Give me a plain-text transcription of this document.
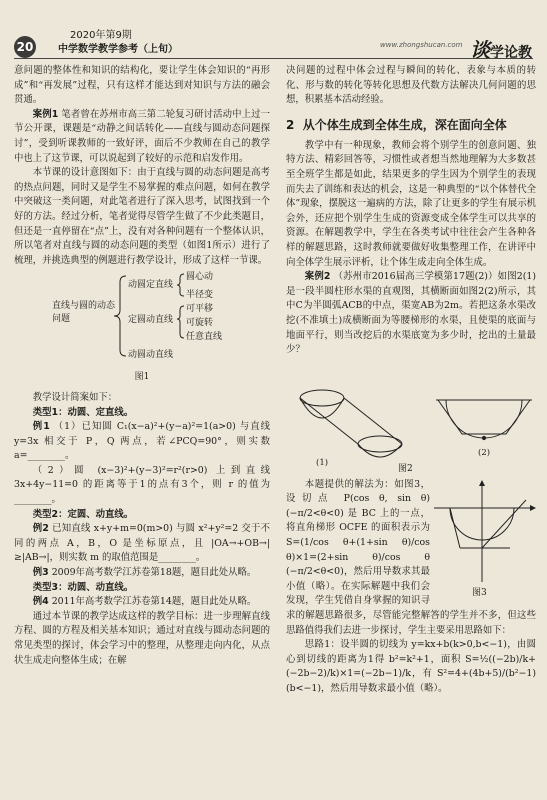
20
2020年第9期
中学数学教学参考（上旬）	www.zhongshucan.com 谈学论教

意问题的整体性和知识的结构化，要让学生体会知识的“再形成”和“再发展”过程，只有这样才能达到对知识与方法的融会贯通。

案例1 笔者曾在苏州市高三第二轮复习研讨活动中上过一节公开课，课题是“动静之间话转化——直线与圆动态问题探讨”，受到听课教师的一致好评，面后不少教师在自己的教学中也上了这节课，可以说起到了较好的示范和启发作用。

本节课的设计意图如下：由于直线与圆的动态问题是高考的热点问题，同时又是学生不易掌握的难点问题，如何在教学中突破这一类问题，对此笔者进行了深入思考，试图找到一个好的方法。经过分析，笔者觉得尽管学生做了不少此类题目，但还是一直停留在“点”上，没有对各种问题有一个整体认识，所以笔者对直线与圆的动态问题的类型（如图1所示）进行了梳理，并挑选典型的例题进行教学设计，形成了这样一节课。

直线与圆的动态问题
动圆定直线
定圆动直线
动圆动直线
圆心动
半径变
可平移
可旋转
任意直线
图1

教学设计简案如下：

类型1：动圆、定直线。

例1 （1）已知圆 C₁(x−a)²+(y−a)²=1(a>0) 与直线 y=3x 相交于 P，Q 两点，若∠PCQ=90°，则实数 a=________。

（2）圆 (x−3)²+(y−3)²=r²(r>0) 上到直线 3x+4y−11=0 的距离等于1的点有3个，则 r 的值为________。

类型2：定圆、动直线。

例2 已知直线 x+y+m=0(m>0) 与圆 x²+y²=2 交于不同的两点 A，B，O 是坐标原点，且 |OA→+OB→|≥|AB→|，则实数 m 的取值范围是________。

例3 2009年高考数学江苏卷第18题，题目此处从略。

类型3：动圆、动直线。

例4 2011年高考数学江苏卷第14题，题目此处从略。

通过本节课的教学达成这样的教学目标：进一步理解直线方程、圆的方程及相关基本知识；通过对直线与圆动态问题的常见类型的探讨，体会学习中的整理，从整理走向内化，从点状生成走向整体生成；在解

决问题的过程中体会过程与瞬间的转化、表象与本质的转化、形与数的转化等转化思想及代数方法解决几何问题的思想，积累基本活动经验。

2 从个体生成到全体生成，深在面向全体

教学中有一种现象，教师会将个别学生的创意问题、独特方法、精彩回答等，习惯性或者想当然地理解为大多数甚至全班学生都是如此，结果更多的学生因为个别学生的表现而失去了训练和表达的机会，这是一种典型的“以个体替代全体”现象，摆脱这一遍病的方法，除了让更多的学生有展示机会外，还应把个别学生生成的资源变成全体学生可以共享的资源。在解题教学中，学生在各类考试中往往会产生各种各样的解题思路，这时教师就要做好收集整理工作，在讲评中向全体学生展示评析，让个体生成走向全体生成。

案例2 （苏州市2016届高三学模第17题(2)）如图2(1)是一段半圆柱形水渠的直观图，其横断面如图2(2)所示，其中C为半圆弧ACB的中点，渠宽AB为2m。若把这条水渠改挖(不准填土)成横断面为等腰梯形的水渠，且使渠的底面与地面平行，则当改挖后的水渠底宽为多少时，挖出的土量最少？

(1)
(2)
图2
图3

本题提供的解法为：如图3，设切点 P(cos θ, sin θ)(−π/2<θ<0) 是 BC 上的一点，将直角梯形 OCFE 的面积表示为 S=(1/cos θ+(1+sin θ)/cos θ)×1=(2+sin θ)/cos θ (−π/2<θ<0)，然后用导数求其最小值（略）。在实际解题中我们会发现，学生凭借自身掌握的知识寻求的解题思路很多，尽管能完整解答的学生并不多，但这些思路值得我们去进一步探讨，学生主要采用思路如下：

思路1：设半圆的切线为 y=kx+b(k>0,b<−1)，由圆心到切线的距离为1得 b²=k²+1，面积 S=½((−2b)/k+(−2b−2)/k)×1=(−2b−1)/k，有 S²=4+(4b+5)/(b²−1)(b<−1)，然后用导数求最小值（略）。
